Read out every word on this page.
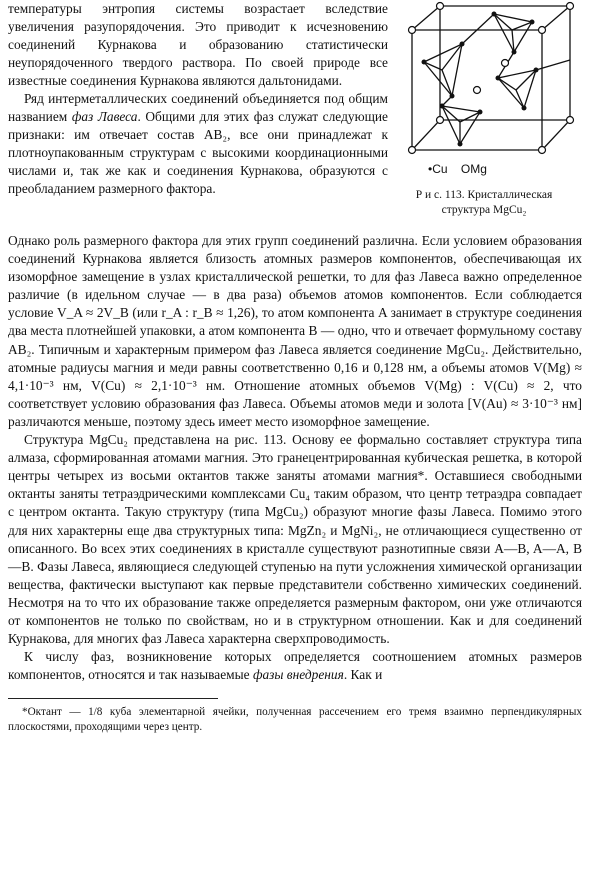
температуры энтропия системы возрастает вследствие увеличения разупорядочения. Это приводит к исчезновению соединений Курнакова и образованию статистически неупорядоченного твердого раствора. По своей природе все известные соединения Курнакова являются дальтонидами.

Ряд интерметаллических соединений объединяется под общим названием фаз Лавеса. Общими для этих фаз служат следующие признаки: им отвечает состав AB₂, все они принадлежат к плотноупакованным структурам с высокими координационными числами и, так же как и соединения Курнакова, образуются с преобладанием размерного фактора.

•Cu OMg
Р и с. 113. Кристаллическая структура MgCu₂

Однако роль размерного фактора для этих групп соединений различна. Если условием образования соединений Курнакова является близость атомных размеров компонентов, обеспечивающая их изоморфное замещение в узлах кристаллической решетки, то для фаз Лавеса важно определенное различие (в идельном случае — в два раза) объемов атомов компонентов. Если соблюдается условие V_A ≈ 2V_B (или r_A : r_B ≈ 1,26), то атом компонента A занимает в структуре соединения два места плотнейшей упаковки, а атом компонента B — одно, что и отвечает формульному составу AB₂. Типичным и характерным примером фаз Лавеса является соединение MgCu₂. Действительно, атомные радиусы магния и меди равны соответственно 0,16 и 0,128 нм, а объемы атомов V(Mg) ≈ 4,1·10⁻³ нм, V(Cu) ≈ 2,1·10⁻³ нм. Отношение атомных объемов V(Mg) : V(Cu) ≈ 2, что соответствует условию образования фаз Лавеса. Объемы атомов меди и золота [V(Au) ≈ 3·10⁻³ нм] различаются меньше, поэтому здесь имеет место изоморфное замещение.

Структура MgCu₂ представлена на рис. 113. Основу ее формально составляет структура типа алмаза, сформированная атомами магния. Это гранецентрированная кубическая решетка, в которой центры четырех из восьми октантов также заняты атомами магния*. Оставшиеся свободными октанты заняты тетраэдрическими комплексами Cu₄ таким образом, что центр тетраэдра совпадает с центром октанта. Такую структуру (типа MgCu₂) образуют многие фазы Лавеса. Помимо этого для них характерны еще два структурных типа: MgZn₂ и MgNi₂, не отличающиеся существенно от описанного. Во всех этих соединениях в кристалле существуют разнотипные связи A—B, A—A, B—B. Фазы Лавеса, являющиеся следующей ступенью на пути усложнения химической организации вещества, фактически выступают как первые представители собственно химических соединений. Несмотря на то что их образование также определяется размерным фактором, они уже отличаются от компонентов не только по свойствам, но и в структурном отношении. Как и для соединений Курнакова, для многих фаз Лавеса характерна сверхпроводимость.

К числу фаз, возникновение которых определяется соотношением атомных размеров компонентов, относятся и так называемые фазы внедрения. Как и

*Октант — 1/8 куба элементарной ячейки, полученная рассечением его тремя взаимно перпендикулярных плоскостями, проходящими через центр.
